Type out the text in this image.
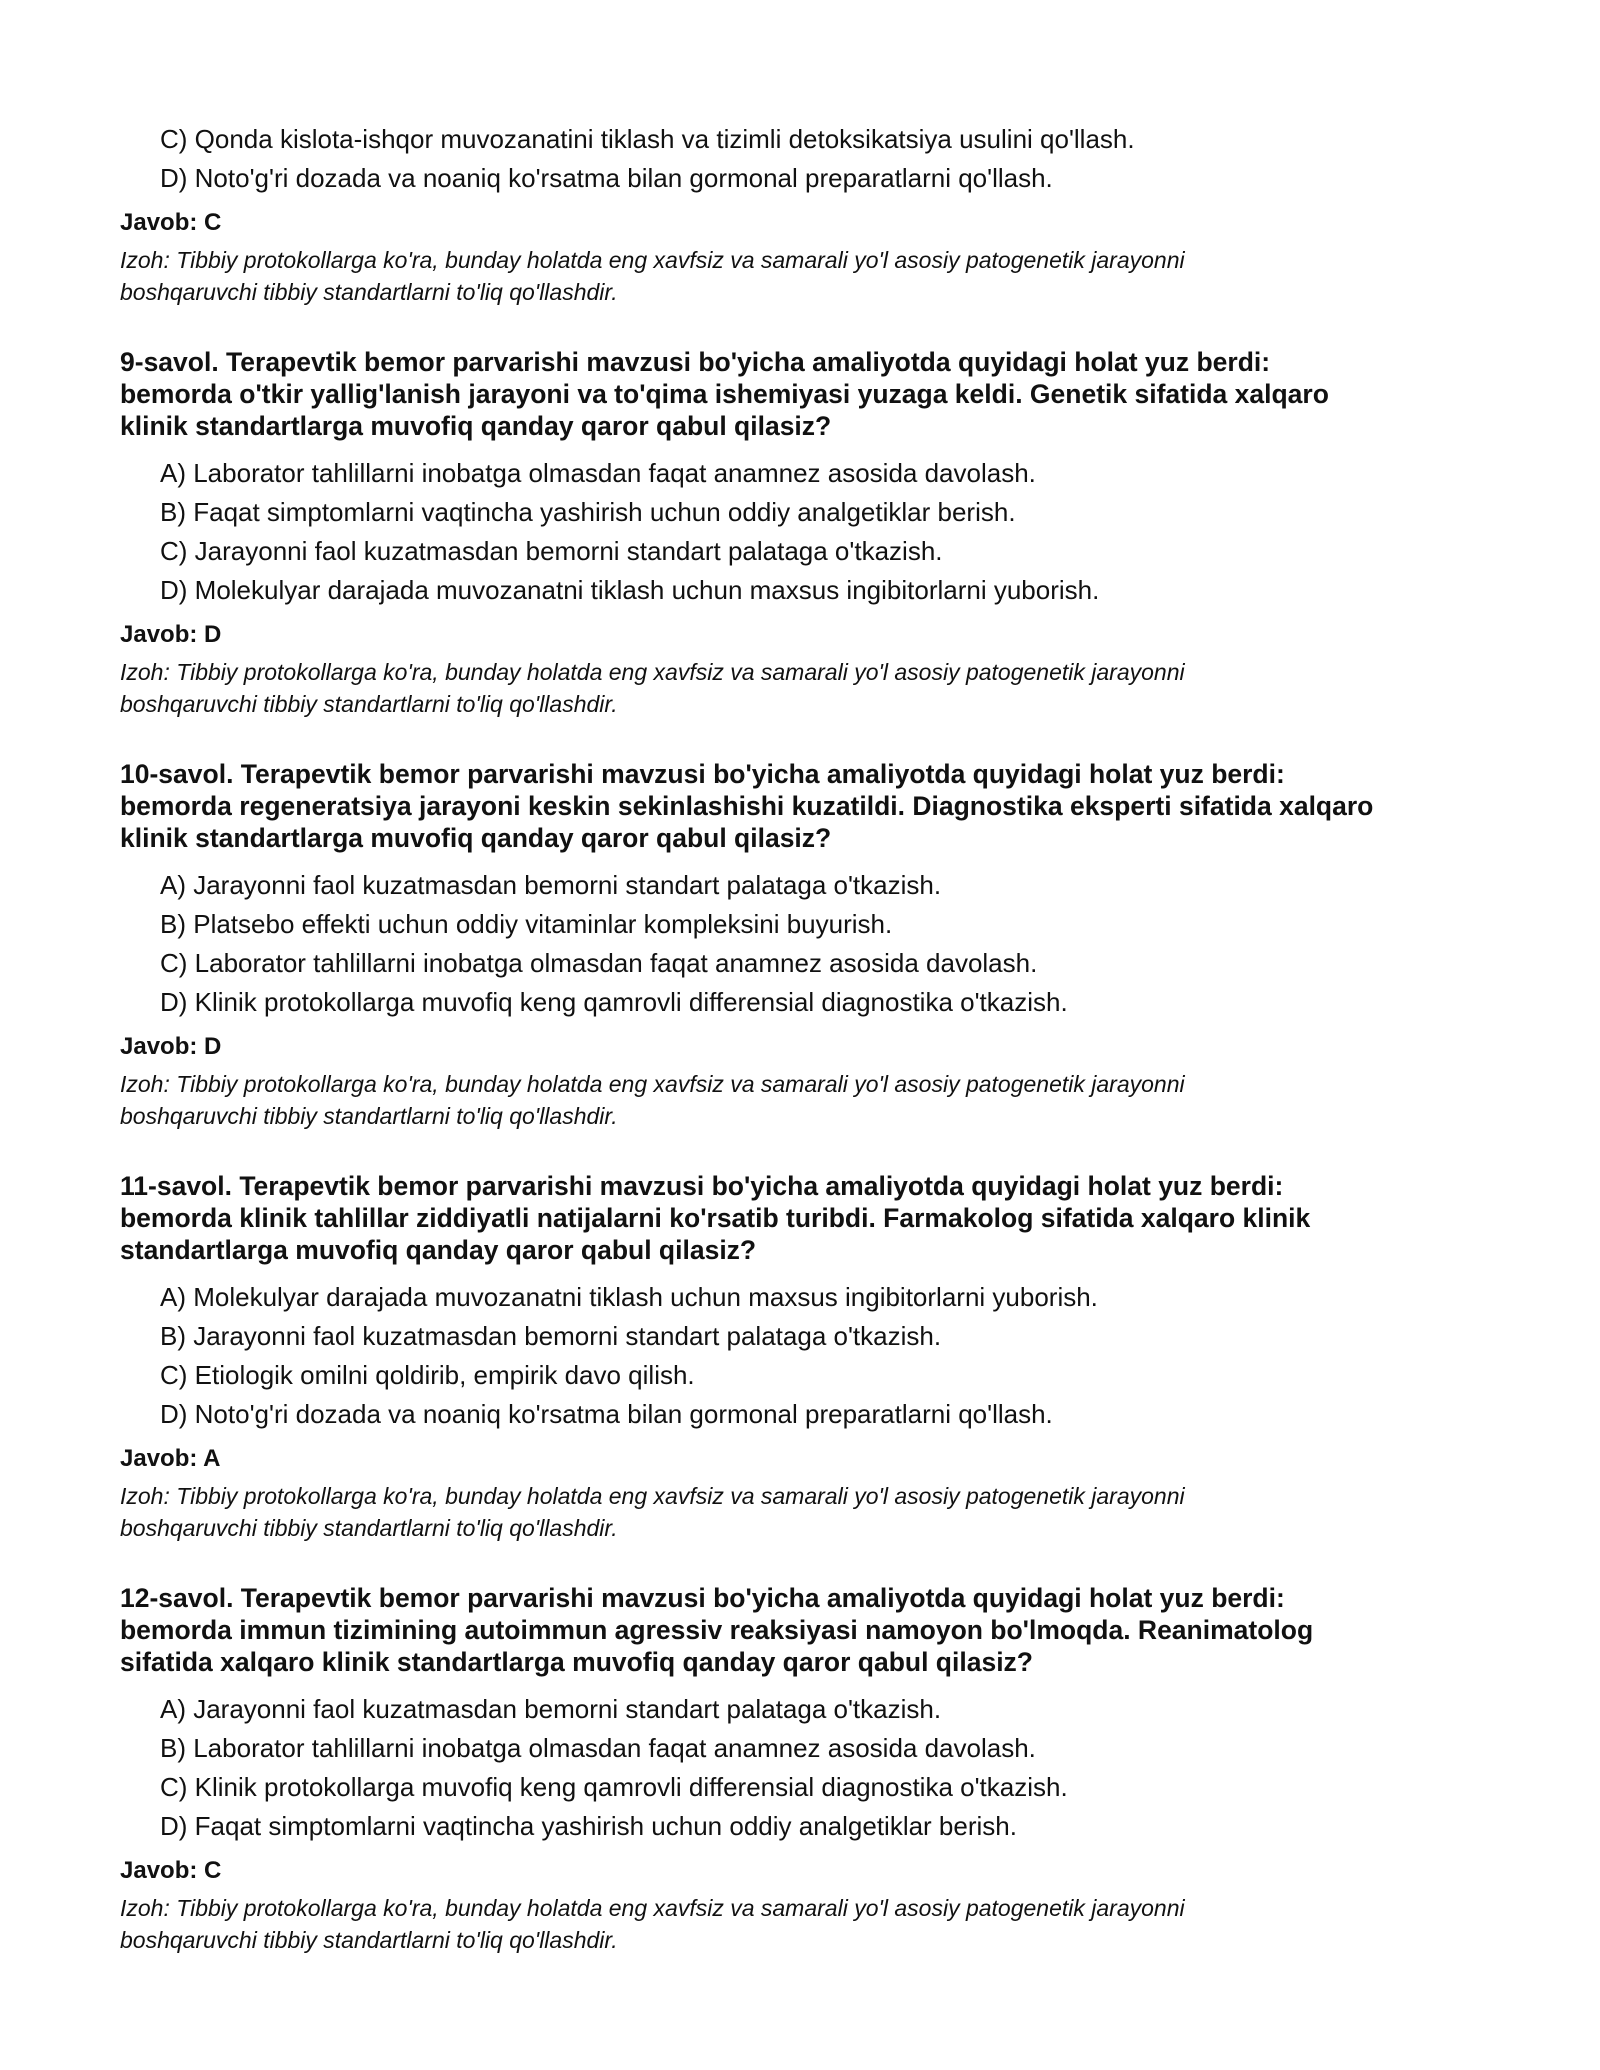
C) Qonda kislota-ishqor muvozanatini tiklash va tizimli detoksikatsiya usulini qo'llash.

D) Noto'g'ri dozada va noaniq ko'rsatma bilan gormonal preparatlarni qo'llash.

Javob: C

Izoh: Tibbiy protokollarga ko'ra, bunday holatda eng xavfsiz va samarali yo'l asosiy patogenetik jarayonni
boshqaruvchi tibbiy standartlarni to'liq qo'llashdir.

9-savol. Terapevtik bemor parvarishi mavzusi bo'yicha amaliyotda quyidagi holat yuz berdi:
bemorda o'tkir yallig'lanish jarayoni va to'qima ishemiyasi yuzaga keldi. Genetik sifatida xalqaro
klinik standartlarga muvofiq qanday qaror qabul qilasiz?

A) Laborator tahlillarni inobatga olmasdan faqat anamnez asosida davolash.

B) Faqat simptomlarni vaqtincha yashirish uchun oddiy analgetiklar berish.

C) Jarayonni faol kuzatmasdan bemorni standart palataga o'tkazish.

D) Molekulyar darajada muvozanatni tiklash uchun maxsus ingibitorlarni yuborish.

Javob: D

Izoh: Tibbiy protokollarga ko'ra, bunday holatda eng xavfsiz va samarali yo'l asosiy patogenetik jarayonni
boshqaruvchi tibbiy standartlarni to'liq qo'llashdir.

10-savol. Terapevtik bemor parvarishi mavzusi bo'yicha amaliyotda quyidagi holat yuz berdi:
bemorda regeneratsiya jarayoni keskin sekinlashishi kuzatildi. Diagnostika eksperti sifatida xalqaro
klinik standartlarga muvofiq qanday qaror qabul qilasiz?

A) Jarayonni faol kuzatmasdan bemorni standart palataga o'tkazish.

B) Platsebo effekti uchun oddiy vitaminlar kompleksini buyurish.

C) Laborator tahlillarni inobatga olmasdan faqat anamnez asosida davolash.

D) Klinik protokollarga muvofiq keng qamrovli differensial diagnostika o'tkazish.

Javob: D

Izoh: Tibbiy protokollarga ko'ra, bunday holatda eng xavfsiz va samarali yo'l asosiy patogenetik jarayonni
boshqaruvchi tibbiy standartlarni to'liq qo'llashdir.

11-savol. Terapevtik bemor parvarishi mavzusi bo'yicha amaliyotda quyidagi holat yuz berdi:
bemorda klinik tahlillar ziddiyatli natijalarni ko'rsatib turibdi. Farmakolog sifatida xalqaro klinik
standartlarga muvofiq qanday qaror qabul qilasiz?

A) Molekulyar darajada muvozanatni tiklash uchun maxsus ingibitorlarni yuborish.

B) Jarayonni faol kuzatmasdan bemorni standart palataga o'tkazish.

C) Etiologik omilni qoldirib, empirik davo qilish.

D) Noto'g'ri dozada va noaniq ko'rsatma bilan gormonal preparatlarni qo'llash.

Javob: A

Izoh: Tibbiy protokollarga ko'ra, bunday holatda eng xavfsiz va samarali yo'l asosiy patogenetik jarayonni
boshqaruvchi tibbiy standartlarni to'liq qo'llashdir.

12-savol. Terapevtik bemor parvarishi mavzusi bo'yicha amaliyotda quyidagi holat yuz berdi:
bemorda immun tizimining autoimmun agressiv reaksiyasi namoyon bo'lmoqda. Reanimatolog
sifatida xalqaro klinik standartlarga muvofiq qanday qaror qabul qilasiz?

A) Jarayonni faol kuzatmasdan bemorni standart palataga o'tkazish.

B) Laborator tahlillarni inobatga olmasdan faqat anamnez asosida davolash.

C) Klinik protokollarga muvofiq keng qamrovli differensial diagnostika o'tkazish.

D) Faqat simptomlarni vaqtincha yashirish uchun oddiy analgetiklar berish.

Javob: C

Izoh: Tibbiy protokollarga ko'ra, bunday holatda eng xavfsiz va samarali yo'l asosiy patogenetik jarayonni
boshqaruvchi tibbiy standartlarni to'liq qo'llashdir.
